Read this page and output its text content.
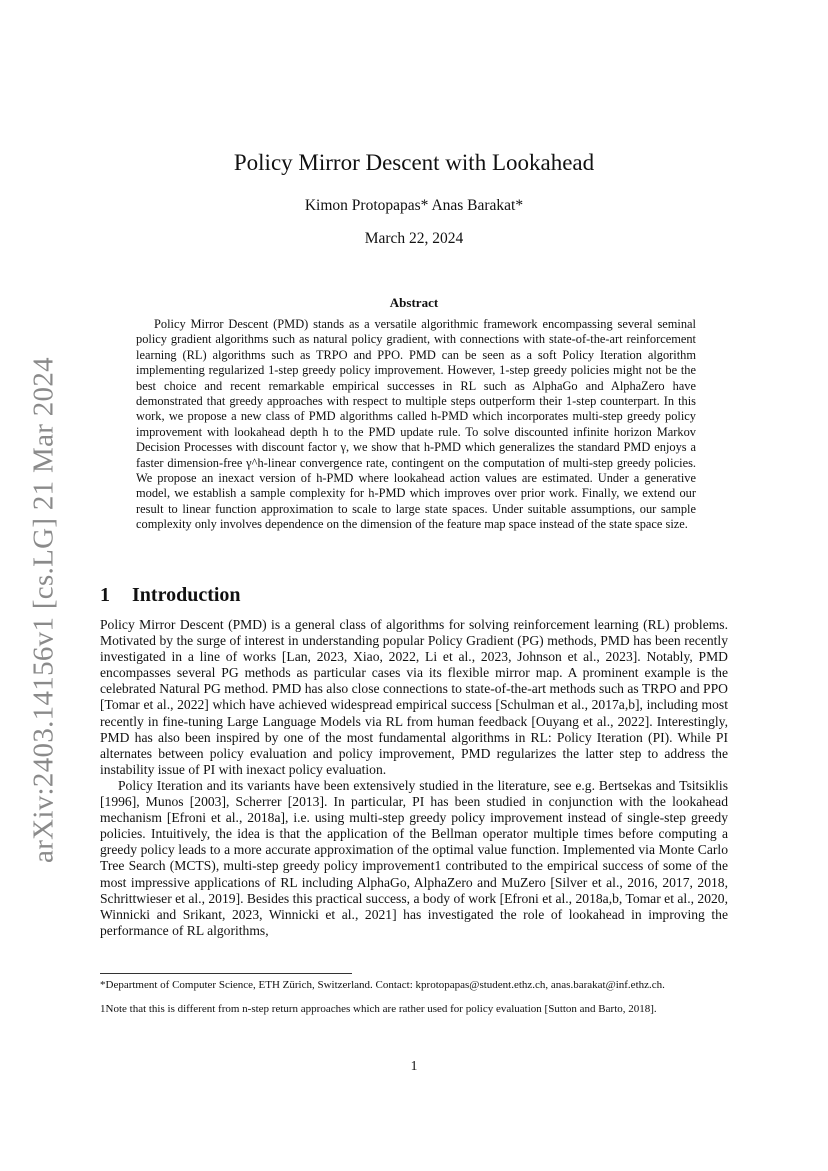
arXiv:2403.14156v1 [cs.LG] 21 Mar 2024
Policy Mirror Descent with Lookahead
Kimon Protopapas* Anas Barakat*
March 22, 2024
Abstract

Policy Mirror Descent (PMD) stands as a versatile algorithmic framework encompassing several seminal policy gradient algorithms such as natural policy gradient, with connections with state-of-the-art reinforcement learning (RL) algorithms such as TRPO and PPO. PMD can be seen as a soft Policy Iteration algorithm implementing regularized 1-step greedy policy improvement. However, 1-step greedy policies might not be the best choice and recent remarkable empirical successes in RL such as AlphaGo and AlphaZero have demonstrated that greedy approaches with respect to multiple steps outperform their 1-step counterpart. In this work, we propose a new class of PMD algorithms called h-PMD which incorporates multi-step greedy policy improvement with lookahead depth h to the PMD update rule. To solve discounted infinite horizon Markov Decision Processes with discount factor γ, we show that h-PMD which generalizes the standard PMD enjoys a faster dimension-free γ^h-linear convergence rate, contingent on the computation of multi-step greedy policies. We propose an inexact version of h-PMD where lookahead action values are estimated. Under a generative model, we establish a sample complexity for h-PMD which improves over prior work. Finally, we extend our result to linear function approximation to scale to large state spaces. Under suitable assumptions, our sample complexity only involves dependence on the dimension of the feature map space instead of the state space size.

1 Introduction

Policy Mirror Descent (PMD) is a general class of algorithms for solving reinforcement learning (RL) problems. Motivated by the surge of interest in understanding popular Policy Gradient (PG) methods, PMD has been recently investigated in a line of works [Lan, 2023, Xiao, 2022, Li et al., 2023, Johnson et al., 2023]. Notably, PMD encompasses several PG methods as particular cases via its flexible mirror map. A prominent example is the celebrated Natural PG method. PMD has also close connections to state-of-the-art methods such as TRPO and PPO [Tomar et al., 2022] which have achieved widespread empirical success [Schulman et al., 2017a,b], including most recently in fine-tuning Large Language Models via RL from human feedback [Ouyang et al., 2022]. Interestingly, PMD has also been inspired by one of the most fundamental algorithms in RL: Policy Iteration (PI). While PI alternates between policy evaluation and policy improvement, PMD regularizes the latter step to address the instability issue of PI with inexact policy evaluation.

Policy Iteration and its variants have been extensively studied in the literature, see e.g. Bertsekas and Tsitsiklis [1996], Munos [2003], Scherrer [2013]. In particular, PI has been studied in conjunction with the lookahead mechanism [Efroni et al., 2018a], i.e. using multi-step greedy policy improvement instead of single-step greedy policies. Intuitively, the idea is that the application of the Bellman operator multiple times before computing a greedy policy leads to a more accurate approximation of the optimal value function. Implemented via Monte Carlo Tree Search (MCTS), multi-step greedy policy improvement1 contributed to the empirical success of some of the most impressive applications of RL including AlphaGo, AlphaZero and MuZero [Silver et al., 2016, 2017, 2018, Schrittwieser et al., 2019]. Besides this practical success, a body of work [Efroni et al., 2018a,b, Tomar et al., 2020, Winnicki and Srikant, 2023, Winnicki et al., 2021] has investigated the role of lookahead in improving the performance of RL algorithms,

*Department of Computer Science, ETH Zürich, Switzerland. Contact: kprotopapas@student.ethz.ch, anas.barakat@inf.ethz.ch.
1Note that this is different from n-step return approaches which are rather used for policy evaluation [Sutton and Barto, 2018].
1
